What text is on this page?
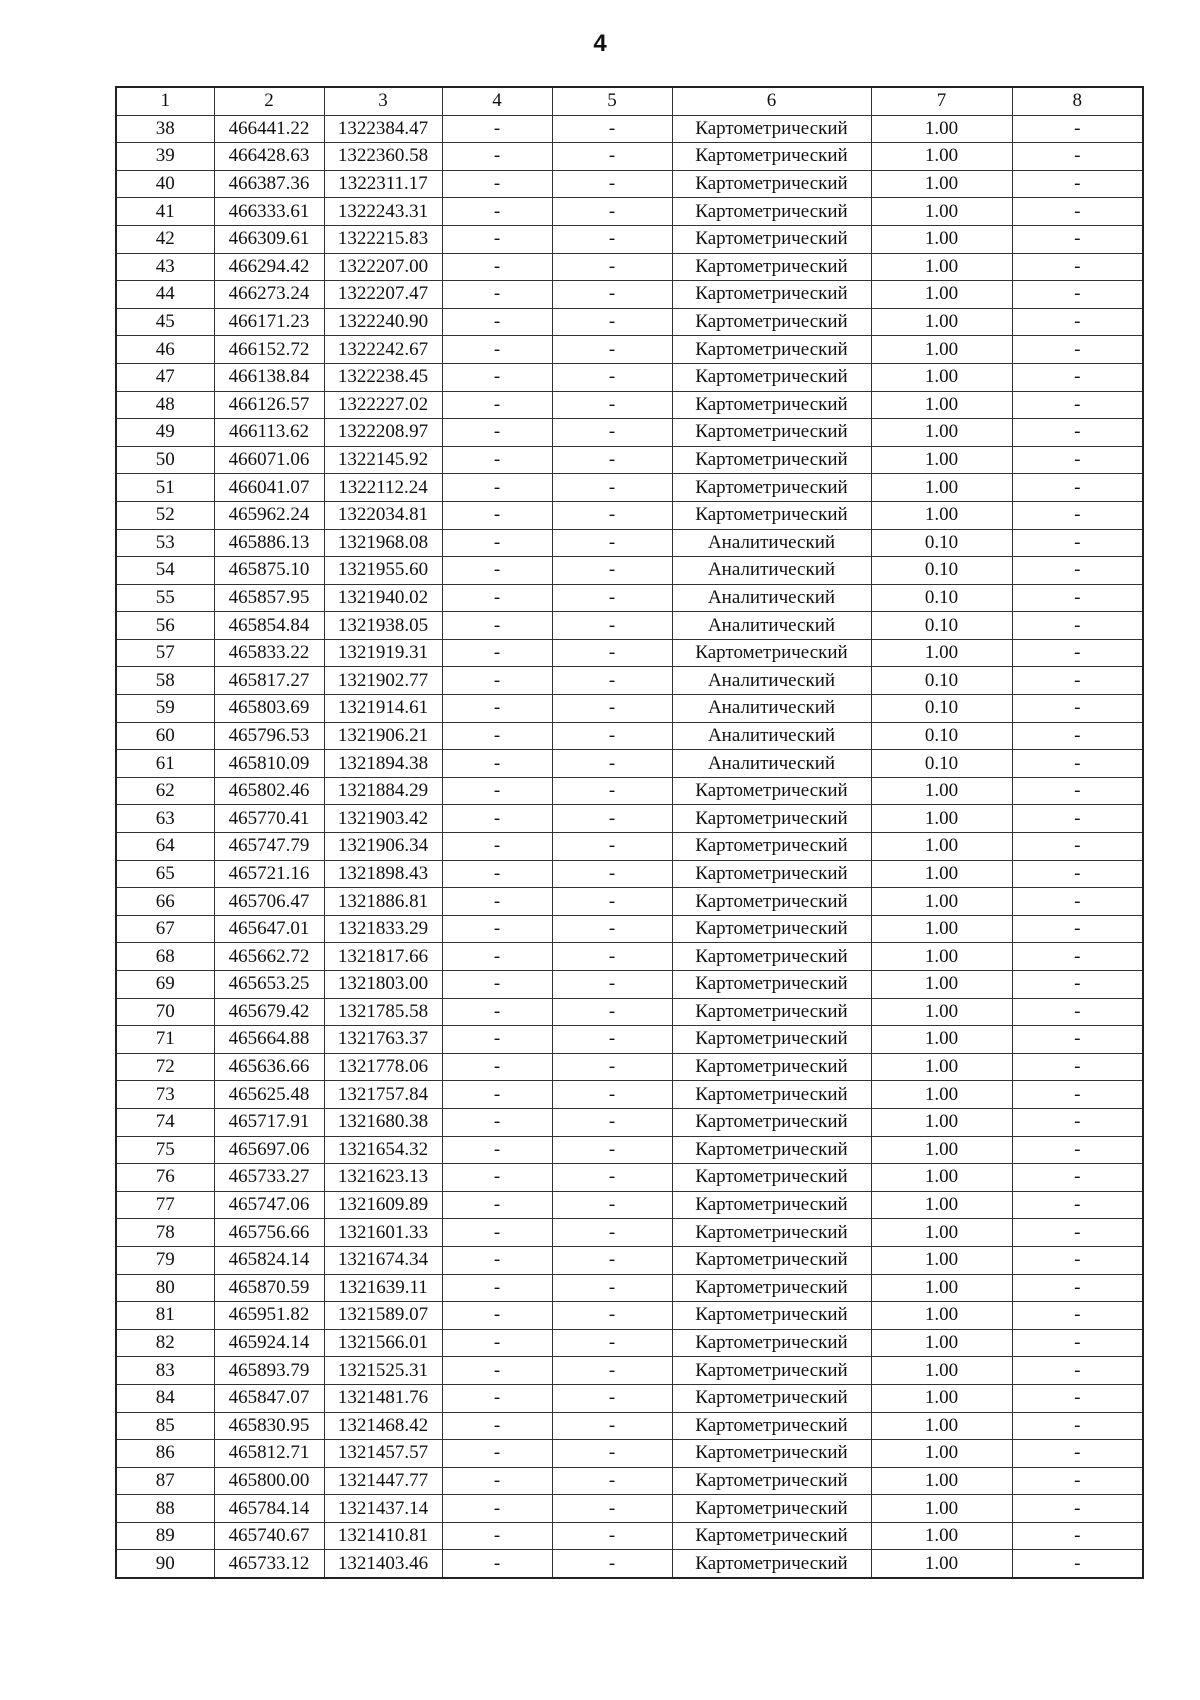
4
1	2	3	4	5	6	7	8
38	466441.22	1322384.47	-	-	Картометрический	1.00	-
39	466428.63	1322360.58	-	-	Картометрический	1.00	-
40	466387.36	1322311.17	-	-	Картометрический	1.00	-
41	466333.61	1322243.31	-	-	Картометрический	1.00	-
42	466309.61	1322215.83	-	-	Картометрический	1.00	-
43	466294.42	1322207.00	-	-	Картометрический	1.00	-
44	466273.24	1322207.47	-	-	Картометрический	1.00	-
45	466171.23	1322240.90	-	-	Картометрический	1.00	-
46	466152.72	1322242.67	-	-	Картометрический	1.00	-
47	466138.84	1322238.45	-	-	Картометрический	1.00	-
48	466126.57	1322227.02	-	-	Картометрический	1.00	-
49	466113.62	1322208.97	-	-	Картометрический	1.00	-
50	466071.06	1322145.92	-	-	Картометрический	1.00	-
51	466041.07	1322112.24	-	-	Картометрический	1.00	-
52	465962.24	1322034.81	-	-	Картометрический	1.00	-
53	465886.13	1321968.08	-	-	Аналитический	0.10	-
54	465875.10	1321955.60	-	-	Аналитический	0.10	-
55	465857.95	1321940.02	-	-	Аналитический	0.10	-
56	465854.84	1321938.05	-	-	Аналитический	0.10	-
57	465833.22	1321919.31	-	-	Картометрический	1.00	-
58	465817.27	1321902.77	-	-	Аналитический	0.10	-
59	465803.69	1321914.61	-	-	Аналитический	0.10	-
60	465796.53	1321906.21	-	-	Аналитический	0.10	-
61	465810.09	1321894.38	-	-	Аналитический	0.10	-
62	465802.46	1321884.29	-	-	Картометрический	1.00	-
63	465770.41	1321903.42	-	-	Картометрический	1.00	-
64	465747.79	1321906.34	-	-	Картометрический	1.00	-
65	465721.16	1321898.43	-	-	Картометрический	1.00	-
66	465706.47	1321886.81	-	-	Картометрический	1.00	-
67	465647.01	1321833.29	-	-	Картометрический	1.00	-
68	465662.72	1321817.66	-	-	Картометрический	1.00	-
69	465653.25	1321803.00	-	-	Картометрический	1.00	-
70	465679.42	1321785.58	-	-	Картометрический	1.00	-
71	465664.88	1321763.37	-	-	Картометрический	1.00	-
72	465636.66	1321778.06	-	-	Картометрический	1.00	-
73	465625.48	1321757.84	-	-	Картометрический	1.00	-
74	465717.91	1321680.38	-	-	Картометрический	1.00	-
75	465697.06	1321654.32	-	-	Картометрический	1.00	-
76	465733.27	1321623.13	-	-	Картометрический	1.00	-
77	465747.06	1321609.89	-	-	Картометрический	1.00	-
78	465756.66	1321601.33	-	-	Картометрический	1.00	-
79	465824.14	1321674.34	-	-	Картометрический	1.00	-
80	465870.59	1321639.11	-	-	Картометрический	1.00	-
81	465951.82	1321589.07	-	-	Картометрический	1.00	-
82	465924.14	1321566.01	-	-	Картометрический	1.00	-
83	465893.79	1321525.31	-	-	Картометрический	1.00	-
84	465847.07	1321481.76	-	-	Картометрический	1.00	-
85	465830.95	1321468.42	-	-	Картометрический	1.00	-
86	465812.71	1321457.57	-	-	Картометрический	1.00	-
87	465800.00	1321447.77	-	-	Картометрический	1.00	-
88	465784.14	1321437.14	-	-	Картометрический	1.00	-
89	465740.67	1321410.81	-	-	Картометрический	1.00	-
90	465733.12	1321403.46	-	-	Картометрический	1.00	-
